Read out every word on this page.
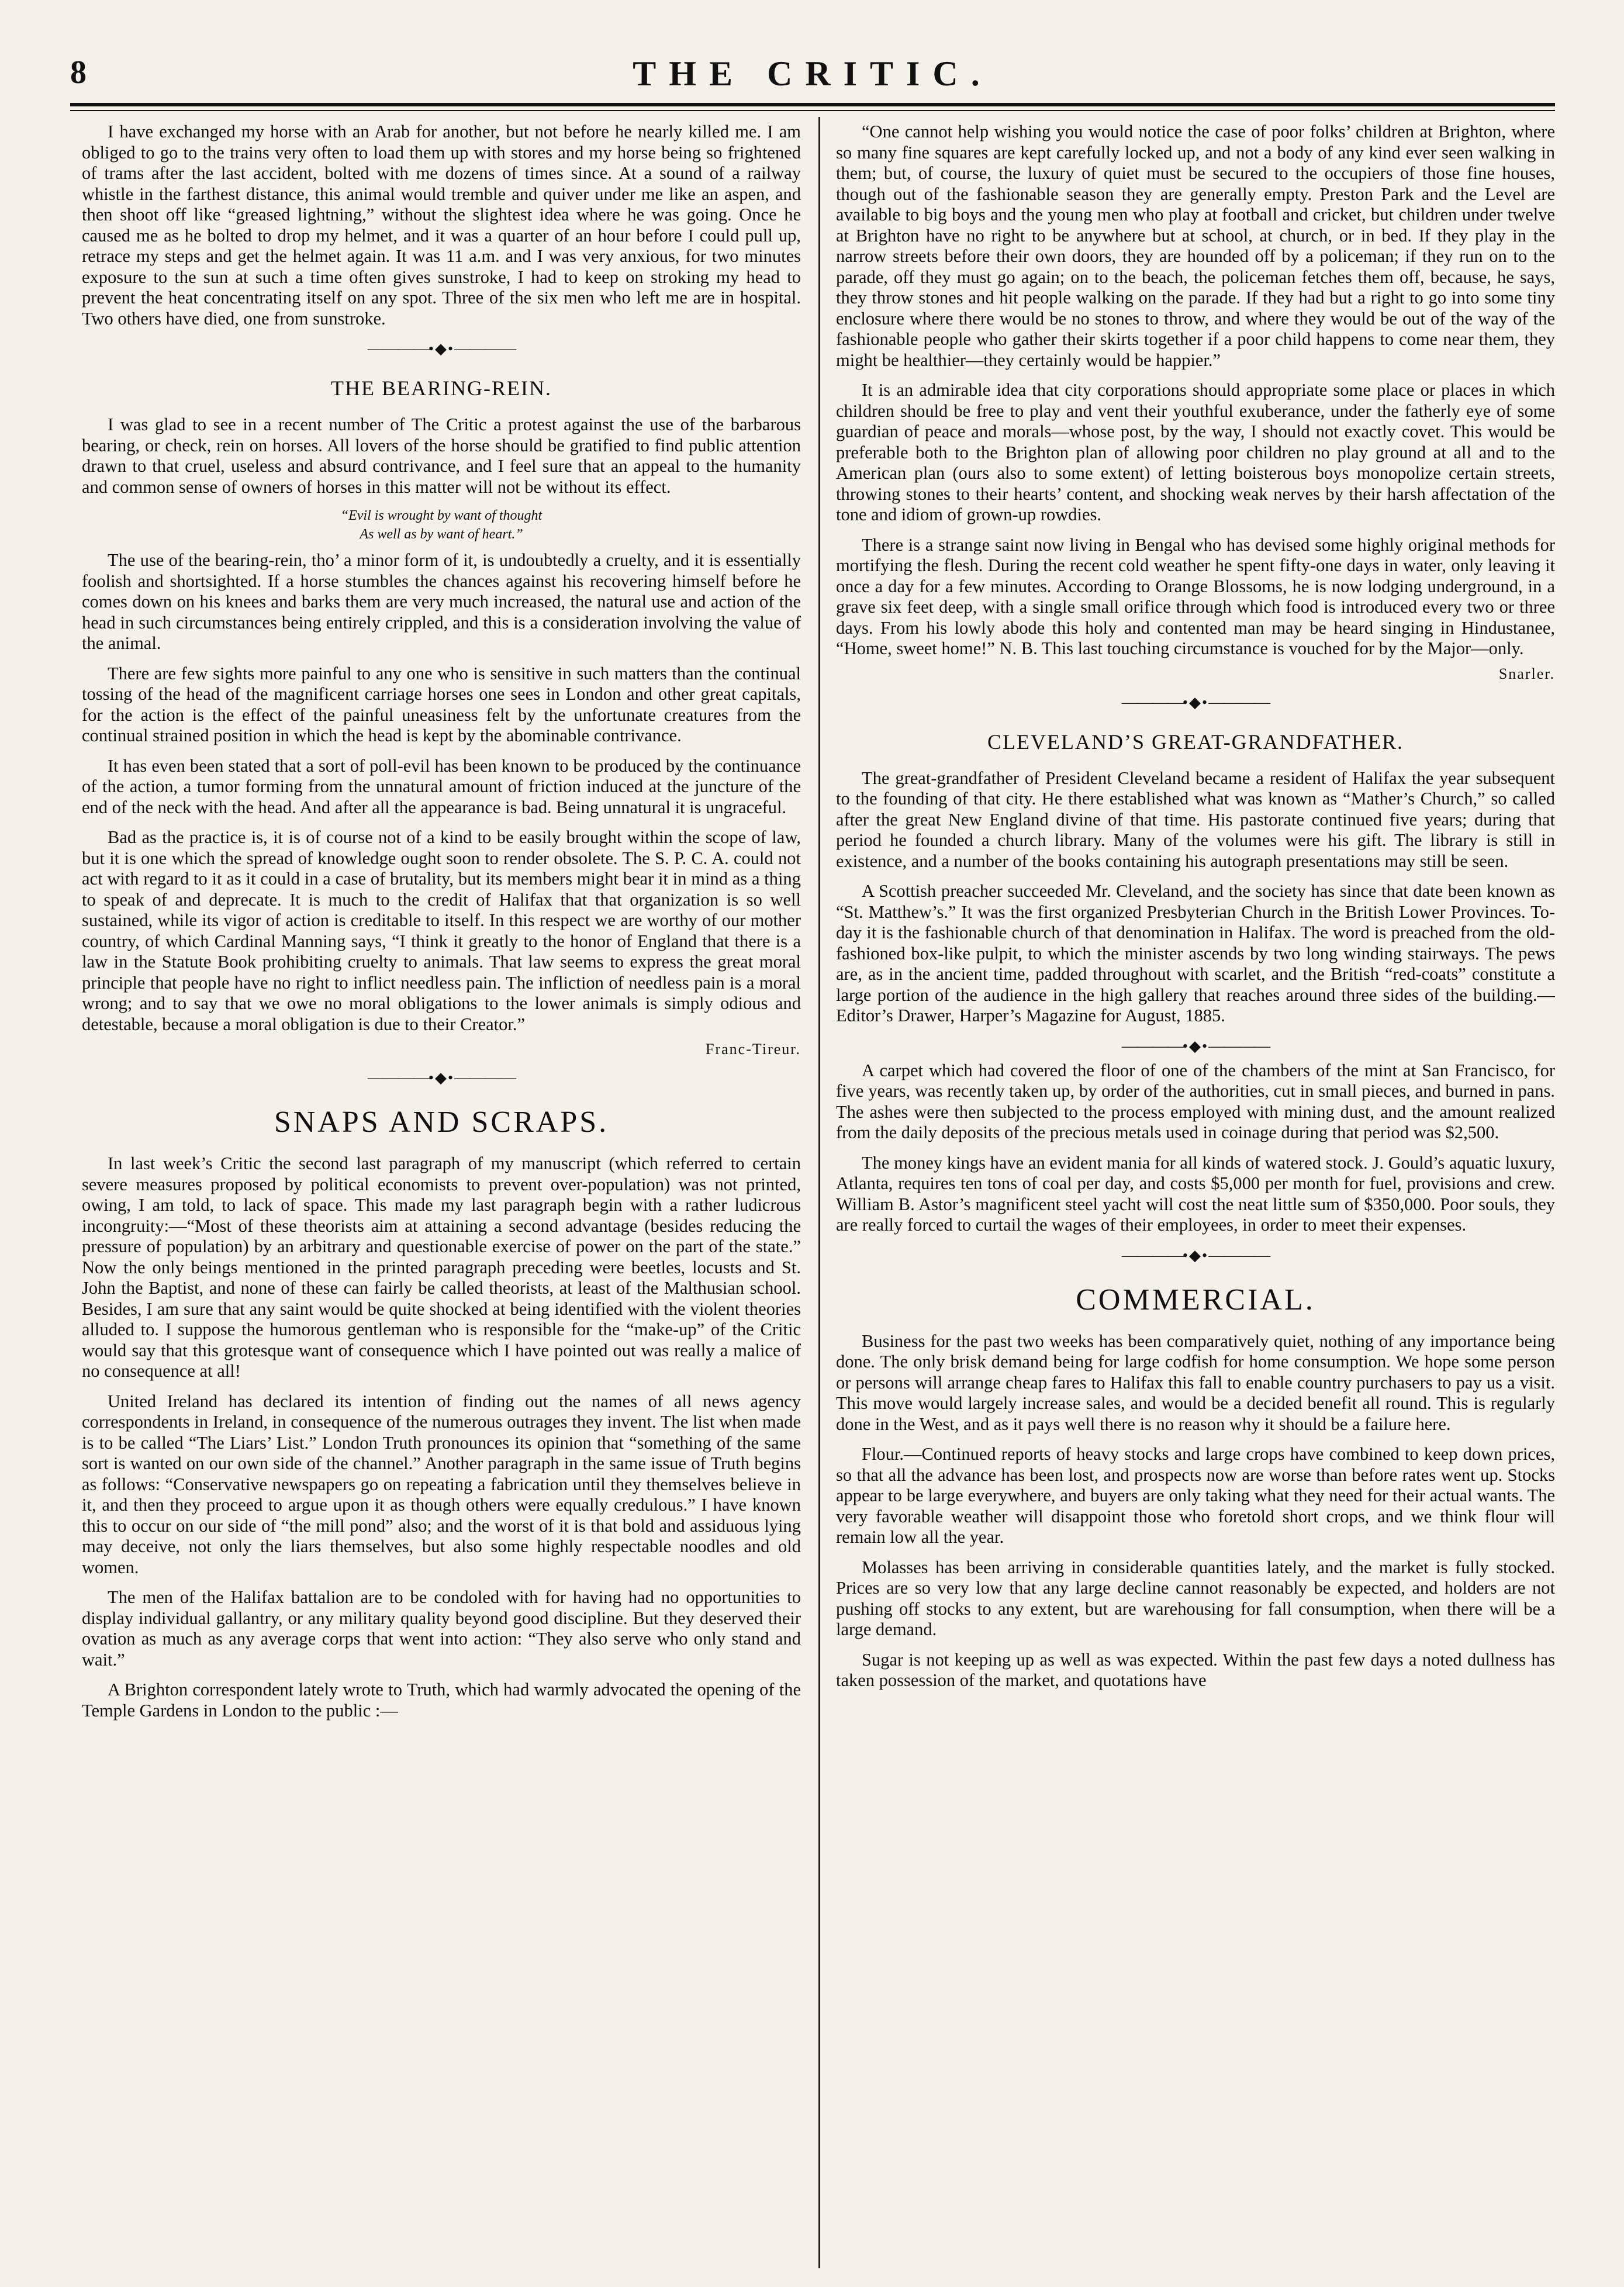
8	THE CRITIC.

I have exchanged my horse with an Arab for another, but not before he nearly killed me. I am obliged to go to the trains very often to load them up with stores and my horse being so frightened of trams after the last accident, bolted with me dozens of times since. At a sound of a railway whistle in the farthest distance, this animal would tremble and quiver under me like an aspen, and then shoot off like “greased lightning,” without the slightest idea where he was going. Once he caused me as he bolted to drop my helmet, and it was a quarter of an hour before I could pull up, retrace my steps and get the helmet again. It was 11 a.m. and I was very anxious, for two minutes exposure to the sun at such a time often gives sunstroke, I had to keep on stroking my head to prevent the heat concentrating itself on any spot. Three of the six men who left me are in hospital. Two others have died, one from sunstroke.

———— •◆• ————
THE BEARING-REIN.

I was glad to see in a recent number of The Critic a protest against the use of the barbarous bearing, or check, rein on horses. All lovers of the horse should be gratified to find public attention drawn to that cruel, useless and absurd contrivance, and I feel sure that an appeal to the humanity and common sense of owners of horses in this matter will not be without its effect.

“Evil is wrought by want of thought
As well as by want of heart.”

The use of the bearing-rein, tho’ a minor form of it, is undoubtedly a cruelty, and it is essentially foolish and shortsighted. If a horse stumbles the chances against his recovering himself before he comes down on his knees and barks them are very much increased, the natural use and action of the head in such circumstances being entirely crippled, and this is a consideration involving the value of the animal.

There are few sights more painful to any one who is sensitive in such matters than the continual tossing of the head of the magnificent carriage horses one sees in London and other great capitals, for the action is the effect of the painful uneasiness felt by the unfortunate creatures from the continual strained position in which the head is kept by the abominable contrivance.

It has even been stated that a sort of poll-evil has been known to be produced by the continuance of the action, a tumor forming from the unnatural amount of friction induced at the juncture of the end of the neck with the head. And after all the appearance is bad. Being unnatural it is ungraceful.

Bad as the practice is, it is of course not of a kind to be easily brought within the scope of law, but it is one which the spread of knowledge ought soon to render obsolete. The S. P. C. A. could not act with regard to it as it could in a case of brutality, but its members might bear it in mind as a thing to speak of and deprecate. It is much to the credit of Halifax that that organization is so well sustained, while its vigor of action is creditable to itself. In this respect we are worthy of our mother country, of which Cardinal Manning says, “I think it greatly to the honor of England that there is a law in the Statute Book prohibiting cruelty to animals. That law seems to express the great moral principle that people have no right to inflict needless pain. The infliction of needless pain is a moral wrong; and to say that we owe no moral obligations to the lower animals is simply odious and detestable, because a moral obligation is due to their Creator.”

Franc-Tireur.
———— •◆• ————
SNAPS AND SCRAPS.

In last week’s Critic the second last paragraph of my manuscript (which referred to certain severe measures proposed by political economists to prevent over-population) was not printed, owing, I am told, to lack of space. This made my last paragraph begin with a rather ludicrous incongruity:—“Most of these theorists aim at attaining a second advantage (besides reducing the pressure of population) by an arbitrary and questionable exercise of power on the part of the state.” Now the only beings mentioned in the printed paragraph preceding were beetles, locusts and St. John the Baptist, and none of these can fairly be called theorists, at least of the Malthusian school. Besides, I am sure that any saint would be quite shocked at being identified with the violent theories alluded to. I suppose the humorous gentleman who is responsible for the “make-up” of the Critic would say that this grotesque want of consequence which I have pointed out was really a malice of no consequence at all!

United Ireland has declared its intention of finding out the names of all news agency correspondents in Ireland, in consequence of the numerous outrages they invent. The list when made is to be called “The Liars’ List.” London Truth pronounces its opinion that “something of the same sort is wanted on our own side of the channel.” Another paragraph in the same issue of Truth begins as follows: “Conservative newspapers go on repeating a fabrication until they themselves believe in it, and then they proceed to argue upon it as though others were equally credulous.” I have known this to occur on our side of “the mill pond” also; and the worst of it is that bold and assiduous lying may deceive, not only the liars themselves, but also some highly respectable noodles and old women.

The men of the Halifax battalion are to be condoled with for having had no opportunities to display individual gallantry, or any military quality beyond good discipline. But they deserved their ovation as much as any average corps that went into action: “They also serve who only stand and wait.”

A Brighton correspondent lately wrote to Truth, which had warmly advocated the opening of the Temple Gardens in London to the public :—

“One cannot help wishing you would notice the case of poor folks’ children at Brighton, where so many fine squares are kept carefully locked up, and not a body of any kind ever seen walking in them; but, of course, the luxury of quiet must be secured to the occupiers of those fine houses, though out of the fashionable season they are generally empty. Preston Park and the Level are available to big boys and the young men who play at football and cricket, but children under twelve at Brighton have no right to be anywhere but at school, at church, or in bed. If they play in the narrow streets before their own doors, they are hounded off by a policeman; if they run on to the parade, off they must go again; on to the beach, the policeman fetches them off, because, he says, they throw stones and hit people walking on the parade. If they had but a right to go into some tiny enclosure where there would be no stones to throw, and where they would be out of the way of the fashionable people who gather their skirts together if a poor child happens to come near them, they might be healthier—they certainly would be happier.”

It is an admirable idea that city corporations should appropriate some place or places in which children should be free to play and vent their youthful exuberance, under the fatherly eye of some guardian of peace and morals—whose post, by the way, I should not exactly covet. This would be preferable both to the Brighton plan of allowing poor children no play ground at all and to the American plan (ours also to some extent) of letting boisterous boys monopolize certain streets, throwing stones to their hearts’ content, and shocking weak nerves by their harsh affectation of the tone and idiom of grown-up rowdies.

There is a strange saint now living in Bengal who has devised some highly original methods for mortifying the flesh. During the recent cold weather he spent fifty-one days in water, only leaving it once a day for a few minutes. According to Orange Blossoms, he is now lodging underground, in a grave six feet deep, with a single small orifice through which food is introduced every two or three days. From his lowly abode this holy and contented man may be heard singing in Hindustanee, “Home, sweet home!” N. B. This last touching circumstance is vouched for by the Major—only.

Snarler.
———— •◆• ————
CLEVELAND’S GREAT-GRANDFATHER.

The great-grandfather of President Cleveland became a resident of Halifax the year subsequent to the founding of that city. He there established what was known as “Mather’s Church,” so called after the great New England divine of that time. His pastorate continued five years; during that period he founded a church library. Many of the volumes were his gift. The library is still in existence, and a number of the books containing his autograph presentations may still be seen.

A Scottish preacher succeeded Mr. Cleveland, and the society has since that date been known as “St. Matthew’s.” It was the first organized Presbyterian Church in the British Lower Provinces. To-day it is the fashionable church of that denomination in Halifax. The word is preached from the old-fashioned box-like pulpit, to which the minister ascends by two long winding stairways. The pews are, as in the ancient time, padded throughout with scarlet, and the British “red-coats” constitute a large portion of the audience in the high gallery that reaches around three sides of the building.—Editor’s Drawer, Harper’s Magazine for August, 1885.

———— •◆• ————

A carpet which had covered the floor of one of the chambers of the mint at San Francisco, for five years, was recently taken up, by order of the authorities, cut in small pieces, and burned in pans. The ashes were then subjected to the process employed with mining dust, and the amount realized from the daily deposits of the precious metals used in coinage during that period was $2,500.

The money kings have an evident mania for all kinds of watered stock. J. Gould’s aquatic luxury, Atlanta, requires ten tons of coal per day, and costs $5,000 per month for fuel, provisions and crew. William B. Astor’s magnificent steel yacht will cost the neat little sum of $350,000. Poor souls, they are really forced to curtail the wages of their employees, in order to meet their expenses.

———— •◆• ————
COMMERCIAL.

Business for the past two weeks has been comparatively quiet, nothing of any importance being done. The only brisk demand being for large codfish for home consumption. We hope some person or persons will arrange cheap fares to Halifax this fall to enable country purchasers to pay us a visit. This move would largely increase sales, and would be a decided benefit all round. This is regularly done in the West, and as it pays well there is no reason why it should be a failure here.

Flour.—Continued reports of heavy stocks and large crops have combined to keep down prices, so that all the advance has been lost, and prospects now are worse than before rates went up. Stocks appear to be large everywhere, and buyers are only taking what they need for their actual wants. The very favorable weather will disappoint those who foretold short crops, and we think flour will remain low all the year.

Molasses has been arriving in considerable quantities lately, and the market is fully stocked. Prices are so very low that any large decline cannot reasonably be expected, and holders are not pushing off stocks to any extent, but are warehousing for fall consumption, when there will be a large demand.

Sugar is not keeping up as well as was expected. Within the past few days a noted dullness has taken possession of the market, and quotations have
